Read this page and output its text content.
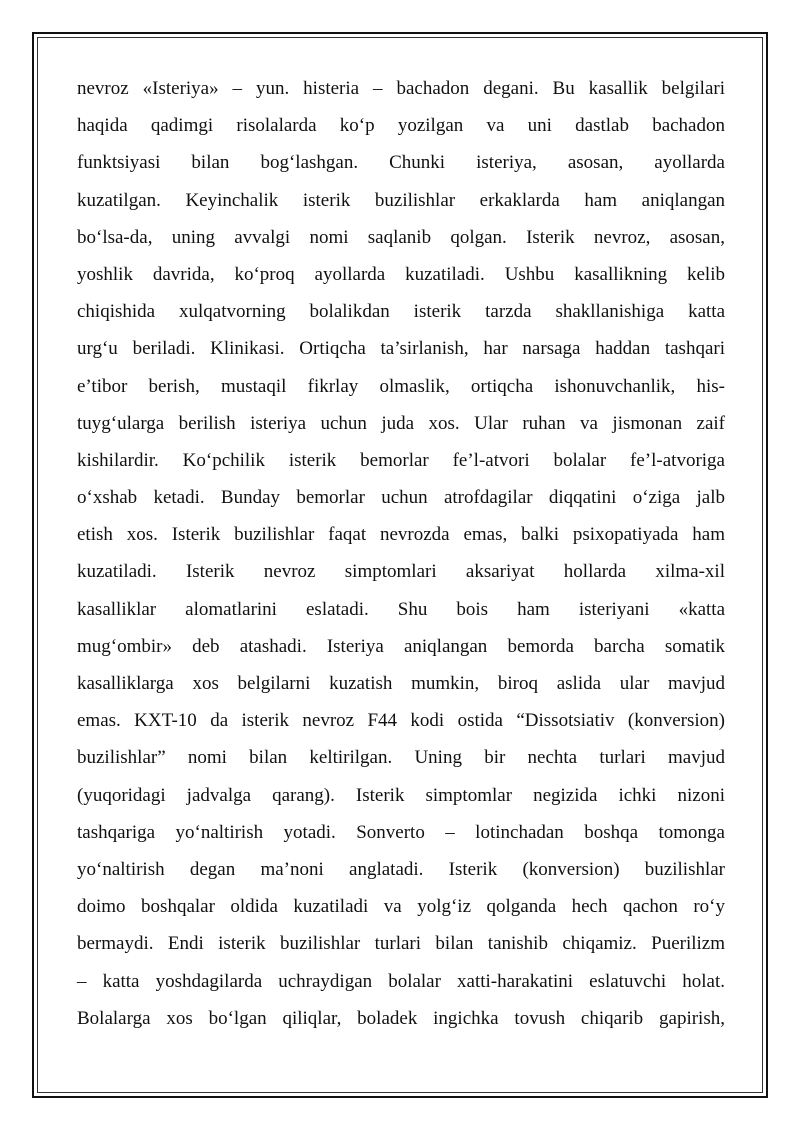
nevroz «Isteriya» – yun. histeria – bachadon degani. Bu kasallik belgilari
haqida qadimgi risolalarda ko‘p yozilgan va uni dastlab bachadon
funktsiyasi bilan bog‘lashgan. Chunki isteriya, asosan, ayollarda
kuzatilgan. Keyinchalik isterik buzilishlar erkaklarda ham aniqlangan
bo‘lsa-da, uning avvalgi nomi saqlanib qolgan. Isterik nevroz, asosan,
yoshlik davrida, ko‘proq ayollarda kuzatiladi. Ushbu kasallikning kelib
chiqishida xulqatvorning bolalikdan isterik tarzda shakllanishiga katta
urg‘u beriladi. Klinikasi. Ortiqcha ta’sirlanish, har narsaga haddan tashqari
e’tibor berish, mustaqil fikrlay olmaslik, ortiqcha ishonuvchanlik, his-
tuyg‘ularga berilish isteriya uchun juda xos. Ular ruhan va jismonan zaif
kishilardir. Ko‘pchilik isterik bemorlar fe’l-atvori bolalar fe’l-atvoriga
o‘xshab ketadi. Bunday bemorlar uchun atrofdagilar diqqatini o‘ziga jalb
etish xos. Isterik buzilishlar faqat nevrozda emas, balki psixopatiyada ham
kuzatiladi. Isterik nevroz simptomlari aksariyat hollarda xilma-xil
kasalliklar alomatlarini eslatadi. Shu bois ham isteriyani «katta
mug‘ombir» deb atashadi. Isteriya aniqlangan bemorda barcha somatik
kasalliklarga xos belgilarni kuzatish mumkin, biroq aslida ular mavjud
emas. KXT-10 da isterik nevroz F44 kodi ostida “Dissotsiativ (konversion)
buzilishlar” nomi bilan keltirilgan. Uning bir nechta turlari mavjud
(yuqoridagi jadvalga qarang). Isterik simptomlar negizida ichki nizoni
tashqariga yo‘naltirish yotadi. Sonverto – lotinchadan boshqa tomonga
yo‘naltirish degan ma’noni anglatadi. Isterik (konversion) buzilishlar
doimo boshqalar oldida kuzatiladi va yolg‘iz qolganda hech qachon ro‘y
bermaydi. Endi isterik buzilishlar turlari bilan tanishib chiqamiz. Puerilizm
– katta yoshdagilarda uchraydigan bolalar xatti-harakatini eslatuvchi holat.
Bolalarga xos bo‘lgan qiliqlar, boladek ingichka tovush chiqarib gapirish,
